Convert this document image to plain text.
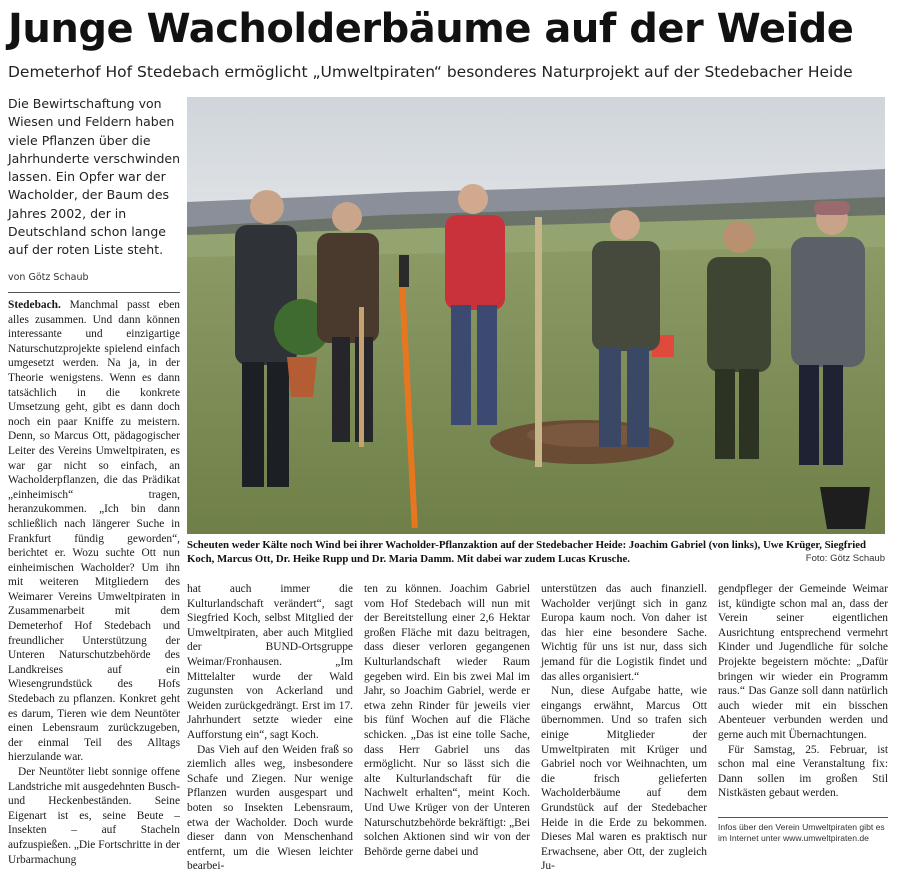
Junge Wacholderbäume auf der Weide
Demeterhof Hof Stedebach ermöglicht „Umweltpiraten“ besonderes Naturprojekt auf der Stedebacher Heide
Die Bewirtschaftung von Wiesen und Feldern haben viele Pflanzen über die Jahrhunderte verschwinden lassen. Ein Opfer war der Wacholder, der Baum des Jahres 2002, der in Deutschland schon lange auf der roten Liste steht.
von Götz Schaub
Scheuten weder Kälte noch Wind bei ihrer Wacholder-Pflanzaktion auf der Stedebacher Heide: Joachim Gabriel (von links), Uwe Krüger, Siegfried Koch, Marcus Ott, Dr. Heike Rupp und Dr. Maria Damm. Mit dabei war zudem Lucas Krusche.	Foto: Götz Schaub

Stedebach. Manchmal passt eben alles zusammen. Und dann können interessante und einzigartige Naturschutzprojekte spielend einfach umgesetzt werden. Na ja, in der Theorie wenigstens. Wenn es dann tatsächlich in die konkrete Umsetzung geht, gibt es dann doch noch ein paar Kniffe zu meistern. Denn, so Marcus Ott, pädagogischer Leiter des Vereins Umweltpiraten, es war gar nicht so einfach, an Wacholderpflanzen, die das Prädikat „einheimisch“ tragen, heranzukommen. „Ich bin dann schließlich nach längerer Suche in Frankfurt fündig geworden“, berichtet er. Wozu suchte Ott nun einheimischen Wacholder? Um ihn mit weiteren Mitgliedern des Weimarer Vereins Umweltpiraten in Zusammenarbeit mit dem Demeterhof Hof Stedebach und freundlicher Unterstützung der Unteren Naturschutzbehörde des Landkreises auf ein Wiesengrundstück des Hofs Stedebach zu pflanzen. Konkret geht es darum, Tieren wie dem Neuntöter einen Lebensraum zurückzugeben, der einmal Teil des Alltags hierzulande war.

Der Neuntöter liebt sonnige offene Landstriche mit ausgedehnten Busch- und Heckenbeständen. Seine Eigenart ist es, seine Beute – Insekten – auf Stacheln aufzuspießen. „Die Fortschritte in der Urbarmachung

hat auch immer die Kulturlandschaft verändert“, sagt Siegfried Koch, selbst Mitglied der Umweltpiraten, aber auch Mitglied der BUND-Ortsgruppe Weimar/Fronhausen. „Im Mittelalter wurde der Wald zugunsten von Ackerland und Weiden zurückgedrängt. Erst im 17. Jahrhundert setzte wieder eine Aufforstung ein“, sagt Koch.

Das Vieh auf den Weiden fraß so ziemlich alles weg, insbesondere Schafe und Ziegen. Nur wenige Pflanzen wurden ausgespart und boten so Insekten Lebensraum, etwa der Wacholder. Doch wurde dieser dann von Menschenhand entfernt, um die Wiesen leichter bearbei-

ten zu können. Joachim Gabriel vom Hof Stedebach will nun mit der Bereitstellung einer 2,6 Hektar großen Fläche mit dazu beitragen, dass dieser verloren gegangenen Kulturlandschaft wieder Raum gegeben wird. Ein bis zwei Mal im Jahr, so Joachim Gabriel, werde er etwa zehn Rinder für jeweils vier bis fünf Wochen auf die Fläche schicken. „Das ist eine tolle Sache, dass Herr Gabriel uns das ermöglicht. Nur so lässt sich die alte Kulturlandschaft für die Nachwelt erhalten“, meint Koch. Und Uwe Krüger von der Unteren Naturschutzbehörde bekräftigt: „Bei solchen Aktionen sind wir von der Behörde gerne dabei und

unterstützen das auch finanziell. Wacholder verjüngt sich in ganz Europa kaum noch. Von daher ist das hier eine besondere Sache. Wichtig für uns ist nur, dass sich jemand für die Logistik findet und das alles organisiert.“

Nun, diese Aufgabe hatte, wie eingangs erwähnt, Marcus Ott übernommen. Und so trafen sich einige Mitglieder der Umweltpiraten mit Krüger und Gabriel noch vor Weihnachten, um die frisch gelieferten Wacholderbäume auf dem Grundstück auf der Stedebacher Heide in die Erde zu bekommen. Dieses Mal waren es praktisch nur Erwachsene, aber Ott, der zugleich Ju-

gendpfleger der Gemeinde Weimar ist, kündigte schon mal an, dass der Verein seiner eigentlichen Ausrichtung entsprechend vermehrt Kinder und Jugendliche für solche Projekte begeistern möchte: „Dafür bringen wir wieder ein Programm raus.“ Das Ganze soll dann natürlich auch wieder mit ein bisschen Abenteuer verbunden werden und gerne auch mit Übernachtungen.

Für Samstag, 25. Februar, ist schon mal eine Veranstaltung fix: Dann sollen im großen Stil Nistkästen gebaut werden.

Infos über den Verein Umweltpiraten gibt es im Internet unter www.umweltpiraten.de
